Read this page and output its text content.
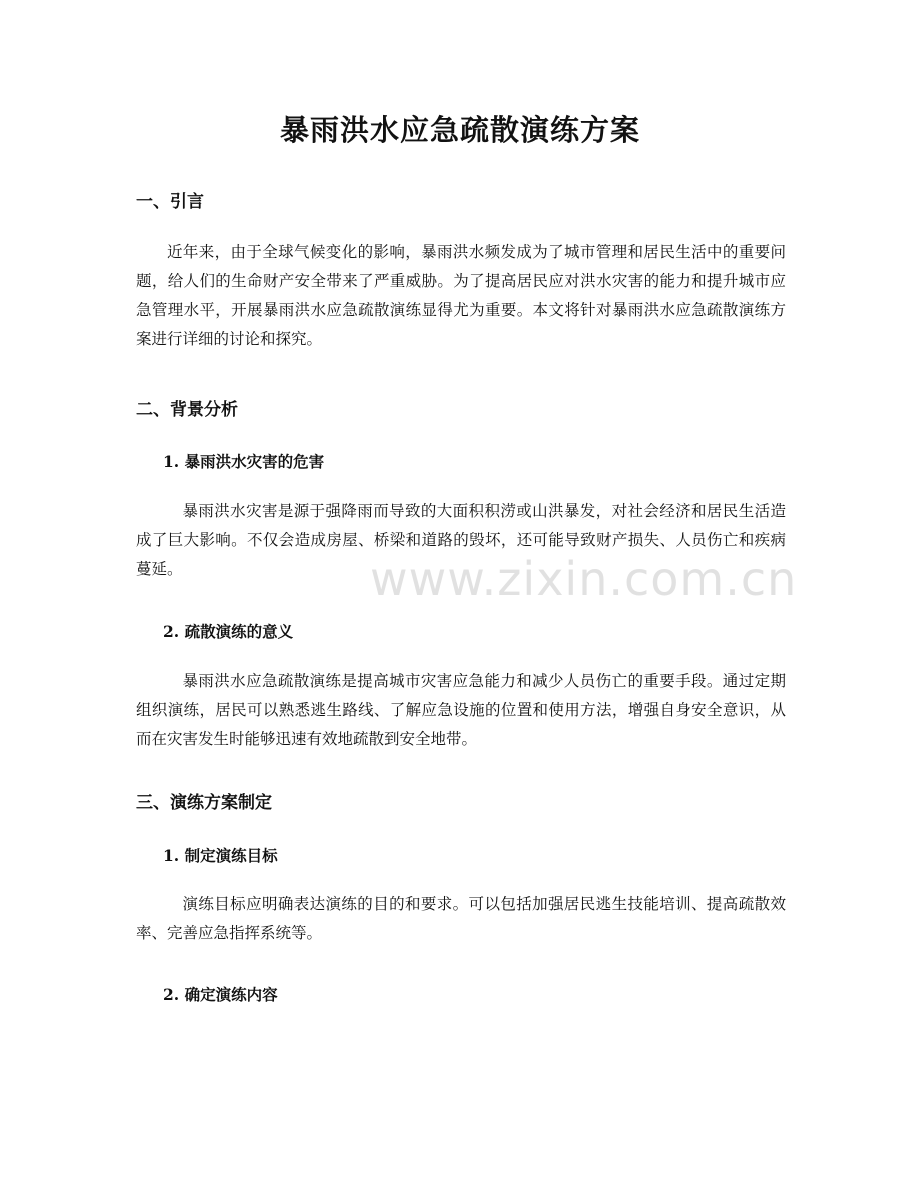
暴雨洪水应急疏散演练方案
一、引言

近年来，由于全球气候变化的影响，暴雨洪水频发成为了城市管理和居民生活中的重要问题，给人们的生命财产安全带来了严重威胁。为了提高居民应对洪水灾害的能力和提升城市应急管理水平，开展暴雨洪水应急疏散演练显得尤为重要。本文将针对暴雨洪水应急疏散演练方案进行详细的讨论和探究。

二、背景分析
1. 暴雨洪水灾害的危害

暴雨洪水灾害是源于强降雨而导致的大面积积涝或山洪暴发，对社会经济和居民生活造成了巨大影响。不仅会造成房屋、桥梁和道路的毁坏，还可能导致财产损失、人员伤亡和疾病蔓延。

2. 疏散演练的意义

暴雨洪水应急疏散演练是提高城市灾害应急能力和减少人员伤亡的重要手段。通过定期组织演练，居民可以熟悉逃生路线、了解应急设施的位置和使用方法，增强自身安全意识，从而在灾害发生时能够迅速有效地疏散到安全地带。

三、演练方案制定
1. 制定演练目标

演练目标应明确表达演练的目的和要求。可以包括加强居民逃生技能培训、提高疏散效率、完善应急指挥系统等。

2. 确定演练内容
www.zixin.com.cn
